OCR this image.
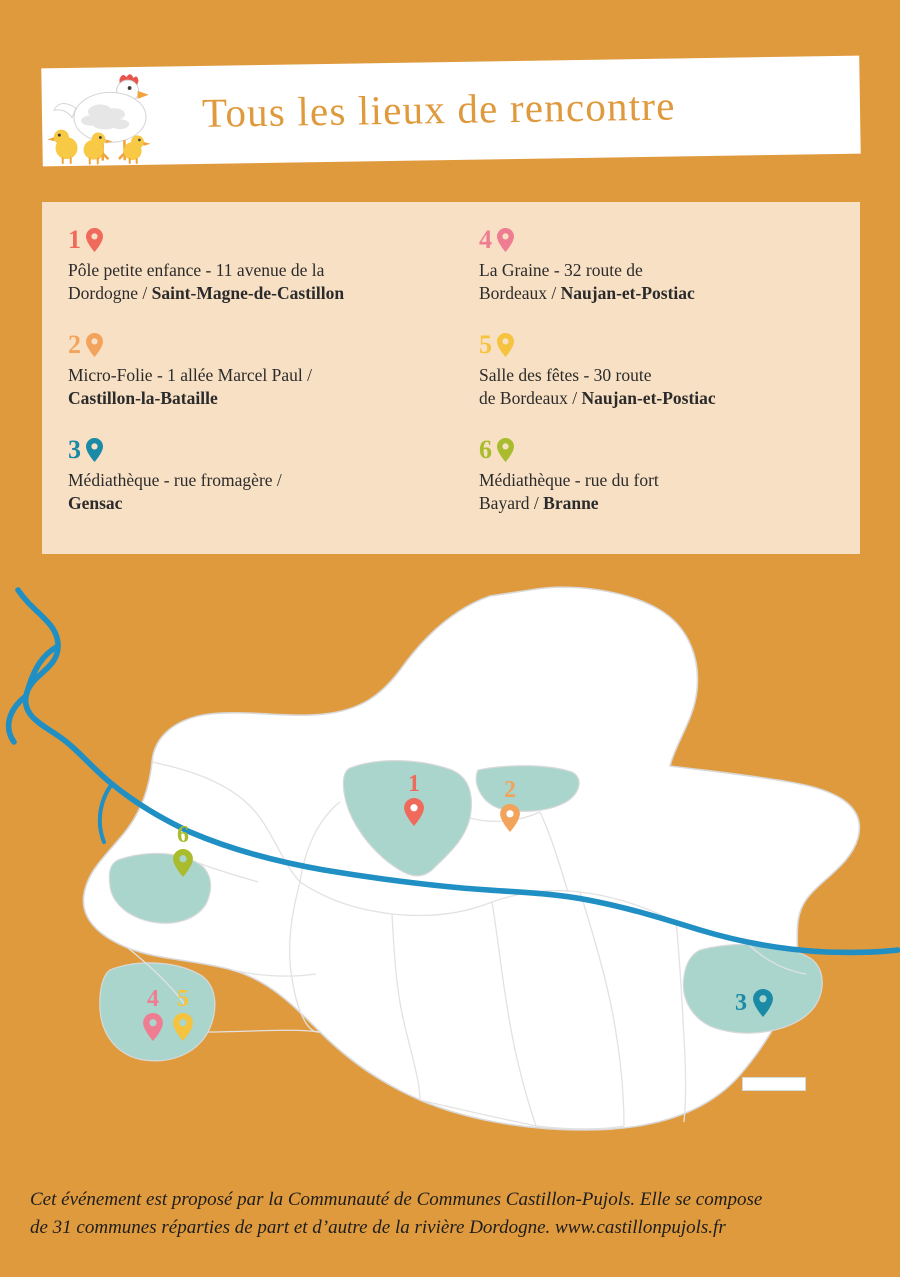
Tous les lieux de rencontre
1
Pôle petite enfance - 11 avenue de la
Dordogne / Saint-Magne-de-Castillon
2
Micro-Folie - 1 allée Marcel Paul /
Castillon-la-Bataille
3
Médiathèque - rue fromagère /
Gensac
4
La Graine - 32 route de
Bordeaux / Naujan-et-Postiac
5
Salle des fêtes - 30 route
de Bordeaux / Naujan-et-Postiac
6
Médiathèque - rue du fort
Bayard / Branne
1	2
3
4 5
6
Cet événement est proposé par la Communauté de Communes Castillon-Pujols. Elle se compose
de 31 communes réparties de part et d’autre de la rivière Dordogne. www.castillonpujols.fr
